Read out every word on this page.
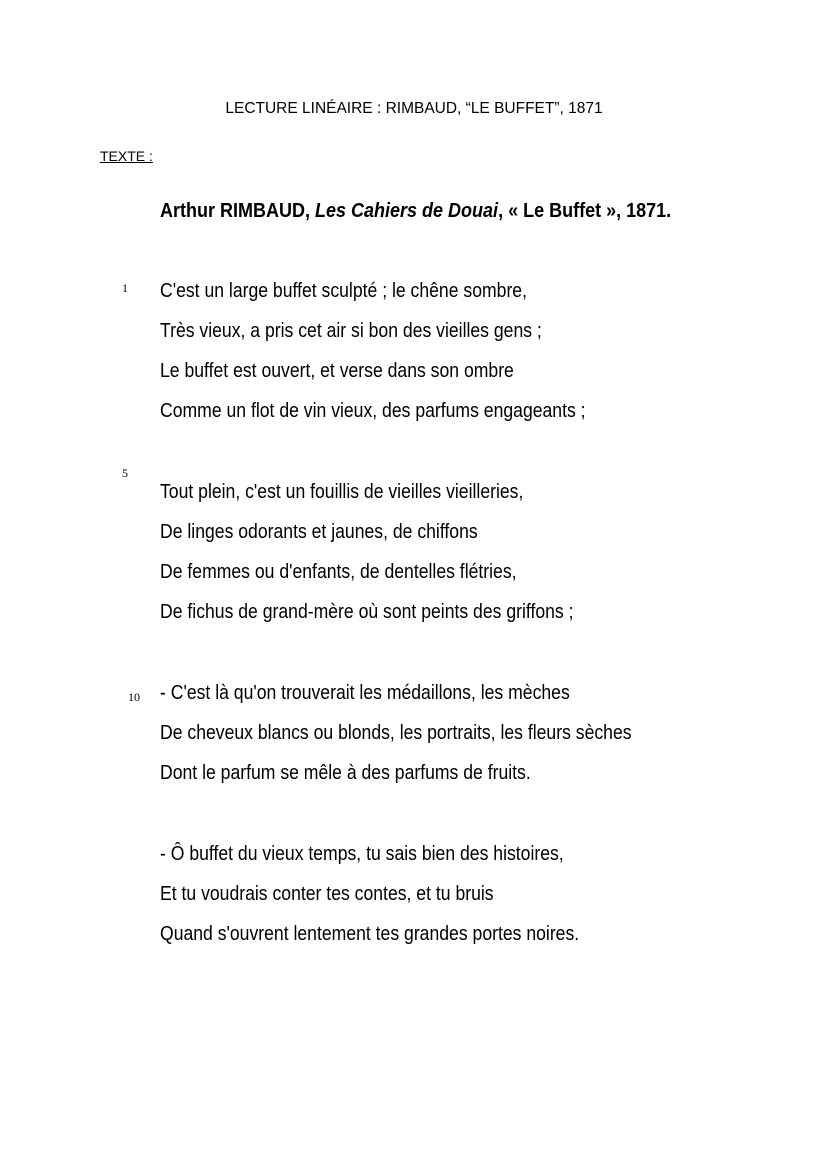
LECTURE LINÉAIRE : RIMBAUD, “LE BUFFET”, 1871
TEXTE :
Arthur RIMBAUD, Les Cahiers de Douai, « Le Buffet », 1871.
1
5
10
C'est un large buffet sculpté ; le chêne sombre,
Très vieux, a pris cet air si bon des vieilles gens ;
Le buffet est ouvert, et verse dans son ombre
Comme un flot de vin vieux, des parfums engageants ;
Tout plein, c'est un fouillis de vieilles vieilleries,
De linges odorants et jaunes, de chiffons
De femmes ou d'enfants, de dentelles flétries,
De fichus de grand-mère où sont peints des griffons ;
- C'est là qu'on trouverait les médaillons, les mèches
De cheveux blancs ou blonds, les portraits, les fleurs sèches
Dont le parfum se mêle à des parfums de fruits.
- Ô buffet du vieux temps, tu sais bien des histoires,
Et tu voudrais conter tes contes, et tu bruis
Quand s'ouvrent lentement tes grandes portes noires.
